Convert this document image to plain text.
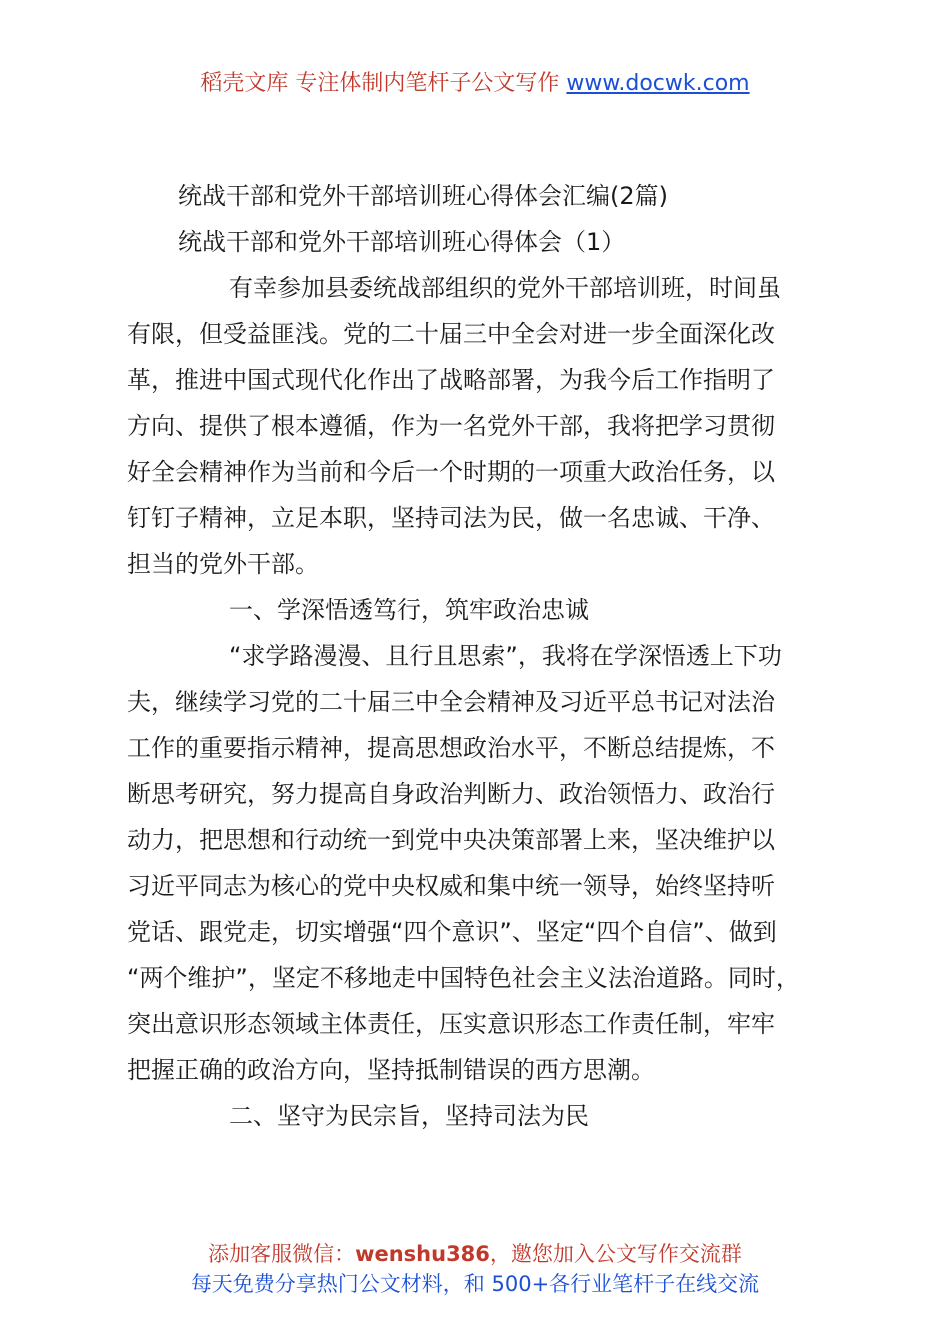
稻壳文库 专注体制内笔杆子公文写作 www.docwk.com
统战干部和党外干部培训班心得体会汇编(2篇)
统战干部和党外干部培训班心得体会（1）
有幸参加县委统战部组织的党外干部培训班，时间虽
有限，但受益匪浅。党的二十届三中全会对进一步全面深化改
革，推进中国式现代化作出了战略部署，为我今后工作指明了
方向、提供了根本遵循，作为一名党外干部，我将把学习贯彻
好全会精神作为当前和今后一个时期的一项重大政治任务，以
钉钉子精神，立足本职，坚持司法为民，做一名忠诚、干净、
担当的党外干部。
一、学深悟透笃行，筑牢政治忠诚
“求学路漫漫、且行且思索”，我将在学深悟透上下功
夫，继续学习党的二十届三中全会精神及习近平总书记对法治
工作的重要指示精神，提高思想政治水平，不断总结提炼，不
断思考研究，努力提高自身政治判断力、政治领悟力、政治行
动力，把思想和行动统一到党中央决策部署上来，坚决维护以
习近平同志为核心的党中央权威和集中统一领导，始终坚持听
党话、跟党走，切实增强“四个意识”、坚定“四个自信”、做到
“两个维护”，坚定不移地走中国特色社会主义法治道路。同时，
突出意识形态领域主体责任，压实意识形态工作责任制，牢牢
把握正确的政治方向，坚持抵制错误的西方思潮。
二、坚守为民宗旨，坚持司法为民
添加客服微信：wenshu386，邀您加入公文写作交流群
每天免费分享热门公文材料，和 500+各行业笔杆子在线交流
